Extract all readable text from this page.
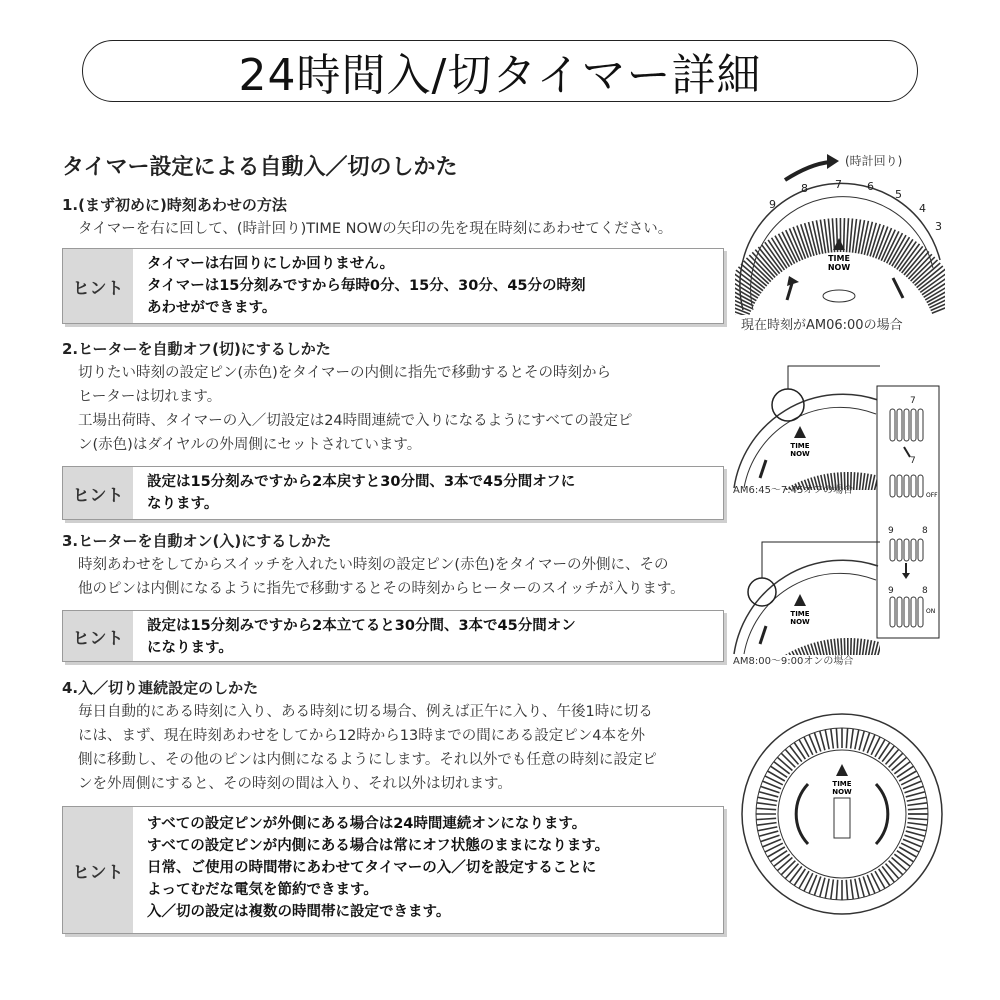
24時間入/切タイマー詳細
タイマー設定による自動入／切のしかた
1.(まず初めに)時刻あわせの方法

タイマーを右に回して、(時計回り)TIME NOWの矢印の先を現在時刻にあわせてください。

ヒント

タイマーは右回りにしか回りません。

タイマーは15分刻みですから毎時0分、15分、30分、45分の時刻

あわせができます。

2.ヒーターを自動オフ(切)にするしかた

切りたい時刻の設定ピン(赤色)をタイマーの内側に指先で移動するとその時刻から

ヒーターは切れます。

工場出荷時、タイマーの入／切設定は24時間連続で入りになるようにすべての設定ピ

ン(赤色)はダイヤルの外周側にセットされています。

ヒント

設定は15分刻みですから2本戻すと30分間、3本で45分間オフに

なります。

3.ヒーターを自動オン(入)にするしかた

時刻あわせをしてからスイッチを入れたい時刻の設定ピン(赤色)をタイマーの外側に、その

他のピンは内側になるように指先で移動するとその時刻からヒーターのスイッチが入ります。

ヒント

設定は15分刻みですから2本立てると30分間、3本で45分間オン

になります。

4.入／切り連続設定のしかた

毎日自動的にある時刻に入り、ある時刻に切る場合、例えば正午に入り、午後1時に切る

には、まず、現在時刻あわせをしてから12時から13時までの間にある設定ピン4本を外

側に移動し、その他のピンは内側になるようにします。それ以外でも任意の時刻に設定ピ

ンを外周側にすると、その時刻の間は入り、それ以外は切れます。

ヒント

すべての設定ピンが外側にある場合は24時間連続オンになります。

すべての設定ピンが内側にある場合は常にオフ状態のままになります。

日常、ご使用の時間帯にあわせてタイマーの入／切を設定することに

よってむだな電気を節約できます。

入／切の設定は複数の時間帯に設定できます。

(時計回り)
9
8 7 6
5
4
3
TIME
NOW
現在時刻がAM06:00の場合
TIME
NOW
AM6:45～7:45オフの場合
7
7
9	8
9	8
OFF
ON
TIME
NOW
AM8:00～9:00オンの場合
TIME
NOW
